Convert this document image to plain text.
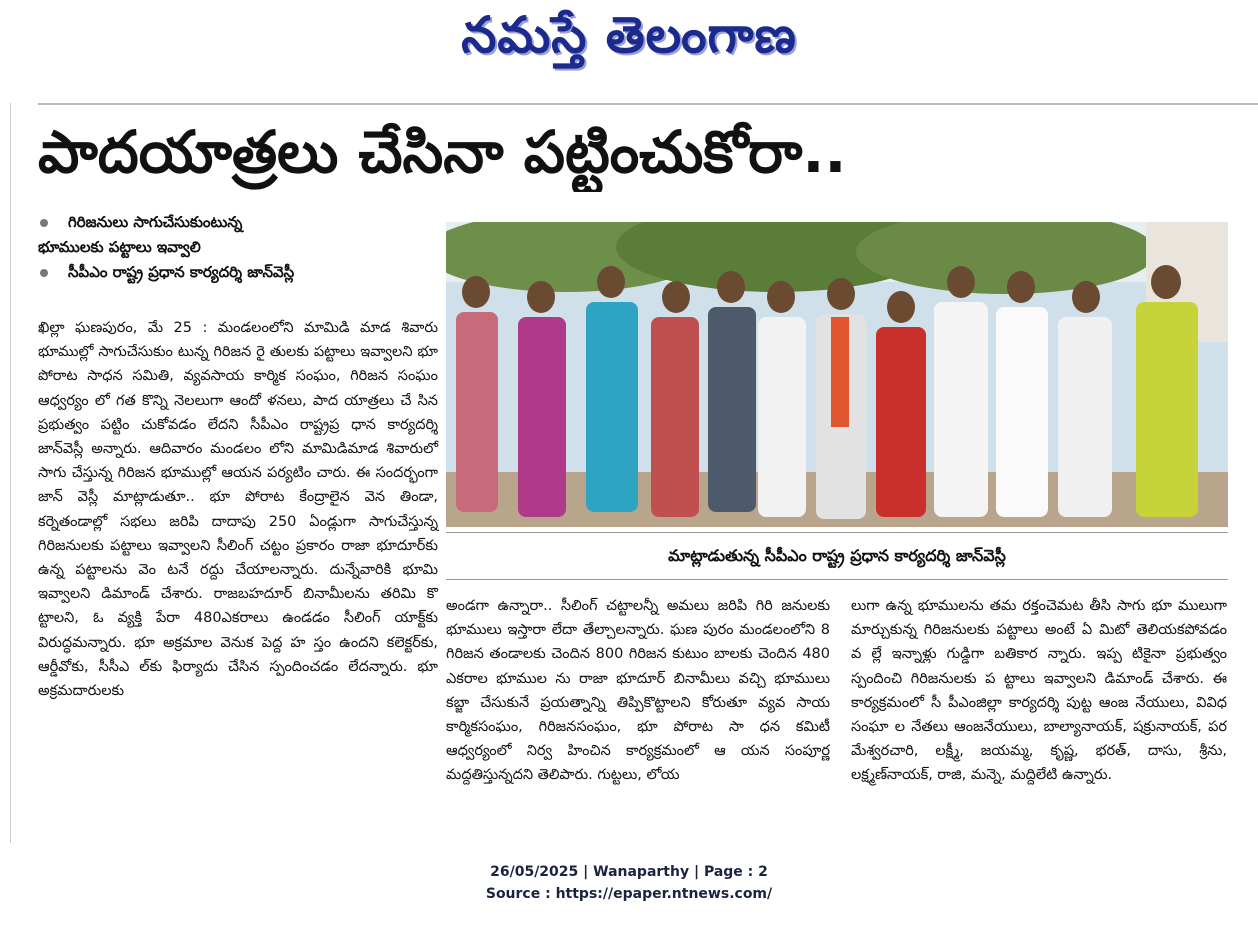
నమస్తే తెలంగాణ
పాదయాత్రలు చేసినా పట్టించుకోరా..
గిరిజనులు సాగుచేసుకుంటున్న
భూములకు పట్టాలు ఇవ్వాలి
సీపీఎం రాష్ట్ర ప్రధాన కార్యదర్శి జాన్‌వెస్లీ
ఖిల్లా ఘణపురం, మే 25 : మండలంలోని మామిడి మాడ శివారు భూముల్లో సాగుచేసుకుం టున్న గిరిజన రై తులకు పట్టాలు ఇవ్వాలని భూ పోరాట సాధన సమితి, వ్యవసాయ కార్మిక సంఘం, గిరిజన సంఘం ఆధ్వర్యం లో గత కొన్ని నెలలుగా ఆందో ళనలు, పాద యాత్రలు చే సిన ప్రభుత్వం పట్టిం చుకోవడం లేదని సీపీఎం రాష్ట్రప్ర ధాన కార్యదర్శి జాన్‌వెస్లీ అన్నారు. ఆదివారం మండలం లోని మామిడిమాడ శివారులో సాగు చేస్తున్న గిరిజన భూముల్లో ఆయన పర్యటిం చారు. ఈ సందర్భంగా జాన్ వెస్లీ మాట్లాడుతూ.. భూ పోరాట కేంద్రాలైన వెన తిండా, కర్నెతండాల్లో సభలు జరిపి దాదాపు 250 ఏండ్లుగా సాగుచేస్తున్న గిరిజనులకు పట్టాలు ఇవ్వాలని సీలింగ్ చట్టం ప్రకారం రాజా భూదూర్‌కు ఉన్న పట్టాలను వెం టనే రద్దు చేయాలన్నారు. దున్నేవారికి భూమి ఇవ్వాలని డిమాండ్ చేశారు. రాజబహదూర్ బినామీలను తరిమి కొ ట్టాలని, ఓ వ్యక్తి పేరా 480ఎకరాలు ఉండడం సీలింగ్ యాక్ట్‌కు విరుద్ధమన్నారు. భూ అక్రమాల వెనుక పెద్ద హ స్తం ఉందని కలెక్టర్‌కు, ఆర్డీవోకు, సీసీఎ ల్‌కు ఫిర్యాదు చేసిన స్పందించడం లేదన్నారు. భూ అక్రమదారులకు
మాట్లాడుతున్న సీపీఎం రాష్ట్ర ప్రధాన కార్యదర్శి జాన్‌వెస్లీ
అండగా ఉన్నారా.. సీలింగ్ చట్టాలన్నీ అమలు జరిపి గిరి జనులకు భూములు ఇస్తారా లేదా తేల్చాలన్నారు. ఘణ పురం మండలంలోని 8 గిరిజన తండాలకు చెందిన 800 గిరిజన కుటుం బాలకు చెందిన 480 ఎకరాల భూముల ను రాజా భూదూర్ బినామీలు వచ్చి భూములు కబ్జా చేసుకునే ప్రయత్నాన్ని తిప్పికొట్టాలని కోరుతూ వ్యవ సాయ కార్మికసంఘం, గిరిజనసంఘం, భూ పోరాట సా ధన కమిటీ ఆధ్వర్యంలో నిర్వ హించిన కార్యక్రమంలో ఆ యన సంపూర్ణ మద్దతిస్తున్నదని తెలిపారు. గుట్టలు, లోయ
లుగా ఉన్న భూములను తమ రక్తంచెమట తీసి సాగు భూ ములుగా మార్చుకున్న గిరిజనులకు పట్టాలు అంటే ఏ మిటో తెలియకపోవడం వ ల్లే ఇన్నాళ్లు గుడ్డిగా బతికార న్నారు. ఇప్ప టికైనా ప్రభుత్వం స్పందించి గిరిజనులకు ప ట్టాలు ఇవ్వాలని డిమాండ్ చేశారు. ఈ కార్యక్రమంలో సీ పీఎంజిల్లా కార్యదర్శి పుట్ట ఆంజ నేయులు, వివిధ సంఘా ల నేతలు ఆంజనేయులు, బాల్యానాయక్, షక్రునాయక్, పర మేశ్వరచారి, లక్ష్మీ, జయమ్మ, కృష్ణ, భరత్, దాసు, శ్రీను, లక్ష్మణ్‌నాయక్, రాజి, మన్నె, మద్దిలేటి ఉన్నారు.
26/05/2025 | Wanaparthy | Page : 2
Source : https://epaper.ntnews.com/
